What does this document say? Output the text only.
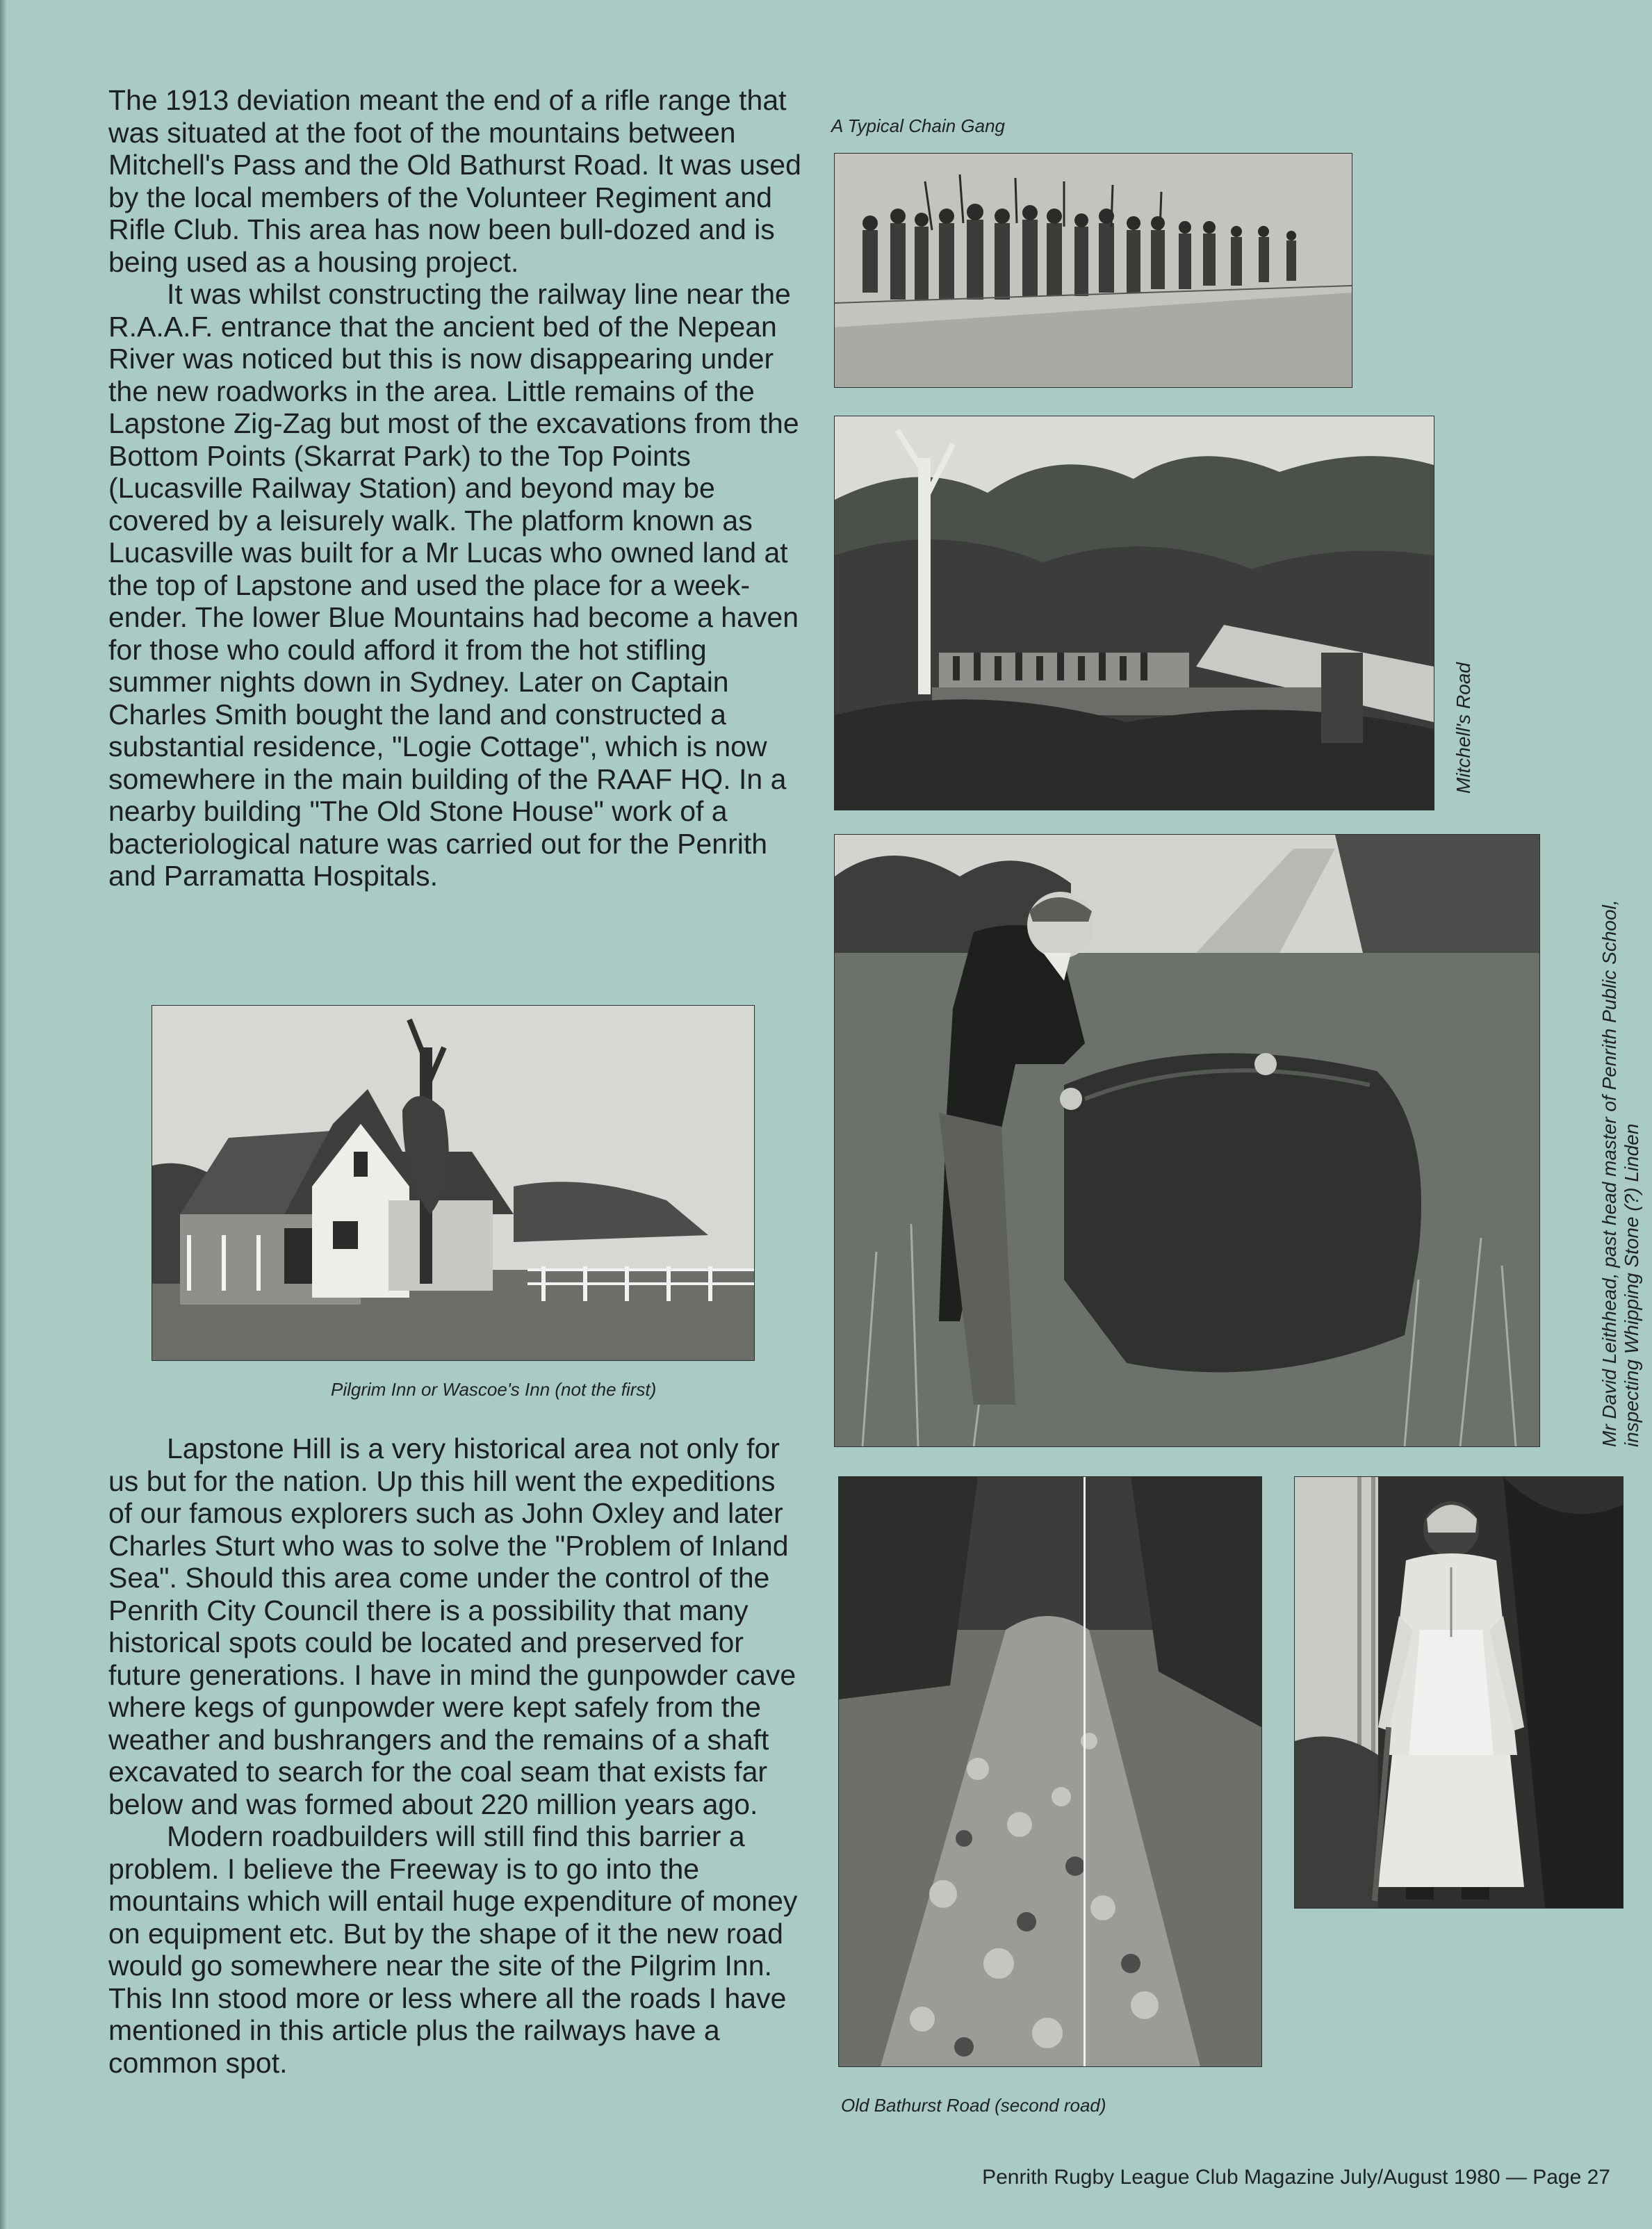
The 1913 deviation meant the end of a rifle range that was situated at the foot of the mountains between Mitchell's Pass and the Old Bathurst Road. It was used by the local members of the Volunteer Regiment and Rifle Club. This area has now been bull-dozed and is being used as a housing project.

It was whilst constructing the railway line near the R.A.A.F. entrance that the ancient bed of the Nepean River was noticed but this is now disappearing under the new roadworks in the area. Little remains of the Lapstone Zig-Zag but most of the excavations from the Bottom Points (Skarrat Park) to the Top Points (Lucasville Railway Station) and beyond may be covered by a leisurely walk. The platform known as Lucasville was built for a Mr Lucas who owned land at the top of Lapstone and used the place for a week-ender. The lower Blue Mountains had become a haven for those who could afford it from the hot stifling summer nights down in Sydney. Later on Captain Charles Smith bought the land and constructed a substantial residence, "Logie Cottage", which is now somewhere in the main building of the RAAF HQ. In a nearby building "The Old Stone House" work of a bacteriological nature was carried out for the Penrith and Parramatta Hospitals.

Lapstone Hill is a very historical area not only for us but for the nation. Up this hill went the expeditions of our famous explorers such as John Oxley and later Charles Sturt who was to solve the "Problem of Inland Sea". Should this area come under the control of the Penrith City Council there is a possibility that many historical spots could be located and preserved for future generations. I have in mind the gunpowder cave where kegs of gunpowder were kept safely from the weather and bushrangers and the remains of a shaft excavated to search for the coal seam that exists far below and was formed about 220 million years ago.

Modern roadbuilders will still find this barrier a problem. I believe the Freeway is to go into the mountains which will entail huge expenditure of money on equipment etc. But by the shape of it the new road would go somewhere near the site of the Pilgrim Inn. This Inn stood more or less where all the roads I have mentioned in this article plus the railways have a common spot.

A Typical Chain Gang
Mitchell's Road
Mr David Leithhead, past head master of Penrith Public School, inspecting Whipping Stone (?) Linden
Pilgrim Inn or Wascoe's Inn (not the first)
Old Bathurst Road (second road)
Penrith Rugby League Club Magazine July/August 1980 — Page 27
